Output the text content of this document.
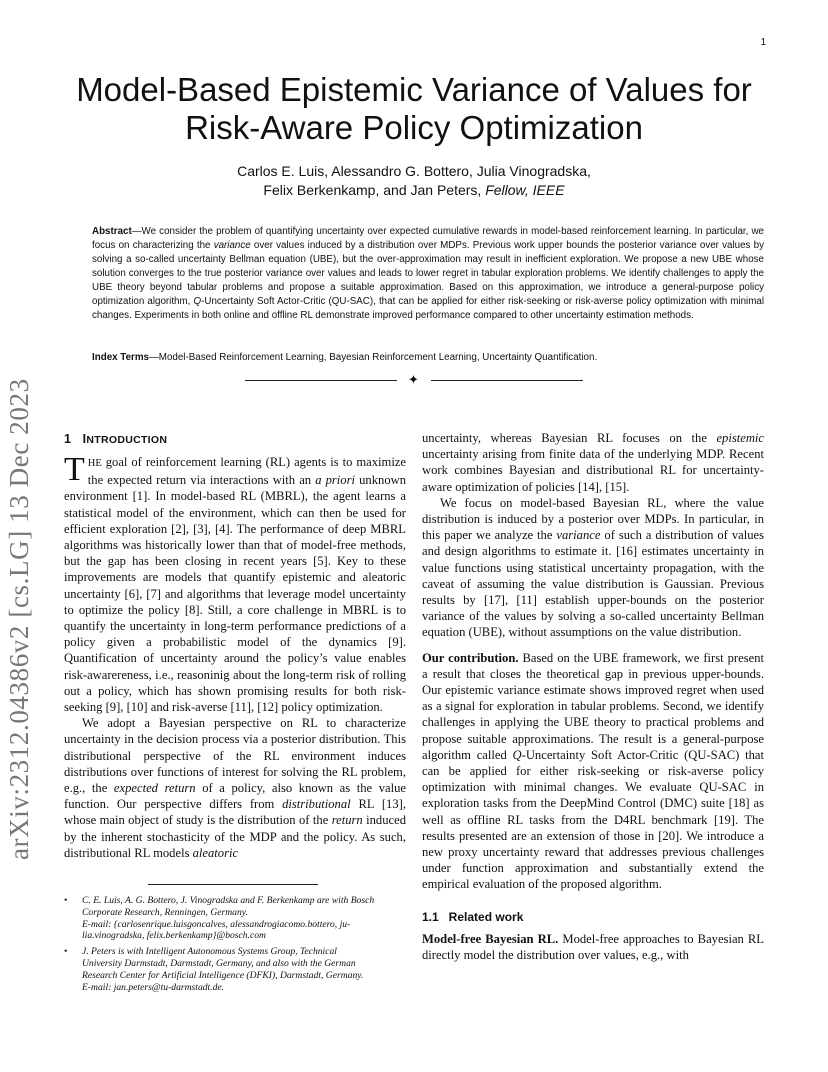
1
arXiv:2312.04386v2 [cs.LG] 13 Dec 2023
Model-Based Epistemic Variance of Values for
Risk-Aware Policy Optimization
Carlos E. Luis, Alessandro G. Bottero, Julia Vinogradska,
Felix Berkenkamp, and Jan Peters, Fellow, IEEE
Abstract—We consider the problem of quantifying uncertainty over expected cumulative rewards in model-based reinforcement learning. In particular, we focus on characterizing the variance over values induced by a distribution over MDPs. Previous work upper bounds the posterior variance over values by solving a so-called uncertainty Bellman equation (UBE), but the over-approximation may result in inefficient exploration. We propose a new UBE whose solution converges to the true posterior variance over values and leads to lower regret in tabular exploration problems. We identify challenges to apply the UBE theory beyond tabular problems and propose a suitable approximation. Based on this approximation, we introduce a general-purpose policy optimization algorithm, Q-Uncertainty Soft Actor-Critic (QU-SAC), that can be applied for either risk-seeking or risk-averse policy optimization with minimal changes. Experiments in both online and offline RL demonstrate improved performance compared to other uncertainty estimation methods.
Index Terms—Model-Based Reinforcement Learning, Bayesian Reinforcement Learning, Uncertainty Quantification.
✦
1 INTRODUCTION

THE goal of reinforcement learning (RL) agents is to maximize the expected return via interactions with an a priori unknown environment [1]. In model-based RL (MBRL), the agent learns a statistical model of the environment, which can then be used for efficient exploration [2], [3], [4]. The performance of deep MBRL algorithms was historically lower than that of model-free methods, but the gap has been closing in recent years [5]. Key to these improvements are models that quantify epistemic and aleatoric uncertainty [6], [7] and algorithms that leverage model uncertainty to optimize the policy [8]. Still, a core challenge in MBRL is to quantify the uncertainty in long-term performance predictions of a policy given a probabilistic model of the dynamics [9]. Quantification of uncertainty around the policy’s value enables risk-awarereness, i.e., reasoninig about the long-term risk of rolling out a policy, which has shown promising results for both risk-seeking [9], [10] and risk-averse [11], [12] policy optimization.

We adopt a Bayesian perspective on RL to characterize uncertainty in the decision process via a posterior distribution. This distributional perspective of the RL environment induces distributions over functions of interest for solving the RL problem, e.g., the expected return of a policy, also known as the value function. Our perspective differs from distributional RL [13], whose main object of study is the distribution of the return induced by the inherent stochasticity of the MDP and the policy. As such, distributional RL models aleatoric

• C. E. Luis, A. G. Bottero, J. Vinogradska and F. Berkenkamp are with Bosch
Corporate Research, Renningen, Germany.
E-mail: {carlosenrique.luisgoncalves, alessandrogiacomo.bottero, ju-
lia.vinogradska, felix.berkenkamp}@bosch.com
• J. Peters is with Intelligent Autonomous Systems Group, Technical
University Darmstadt, Darmstadt, Germany, and also with the German
Research Center for Artificial Intelligence (DFKI), Darmstadt, Germany.
E-mail: jan.peters@tu-darmstadt.de.

uncertainty, whereas Bayesian RL focuses on the epistemic uncertainty arising from finite data of the underlying MDP. Recent work combines Bayesian and distributional RL for uncertainty-aware optimization of policies [14], [15].

We focus on model-based Bayesian RL, where the value distribution is induced by a posterior over MDPs. In particular, in this paper we analyze the variance of such a distribution of values and design algorithms to estimate it. [16] estimates uncertainty in value functions using statistical uncertainty propagation, with the caveat of assuming the value distribution is Gaussian. Previous results by [17], [11] establish upper-bounds on the posterior variance of the values by solving a so-called uncertainty Bellman equation (UBE), without assumptions on the value distribution.

Our contribution. Based on the UBE framework, we first present a result that closes the theoretical gap in previous upper-bounds. Our epistemic variance estimate shows improved regret when used as a signal for exploration in tabular problems. Second, we identify challenges in applying the UBE theory to practical problems and propose suitable approximations. The result is a general-purpose algorithm called Q-Uncertainty Soft Actor-Critic (QU-SAC) that can be applied for either risk-seeking or risk-averse policy optimization with minimal changes. We evaluate QU-SAC in exploration tasks from the DeepMind Control (DMC) suite [18] as well as offline RL tasks from the D4RL benchmark [19]. The results presented are an extension of those in [20]. We introduce a new proxy uncertainty reward that addresses previous challenges under function approximation and substantially extend the empirical evaluation of the proposed algorithm.

1.1   Related work

Model-free Bayesian RL. Model-free approaches to Bayesian RL directly model the distribution over values, e.g., with
